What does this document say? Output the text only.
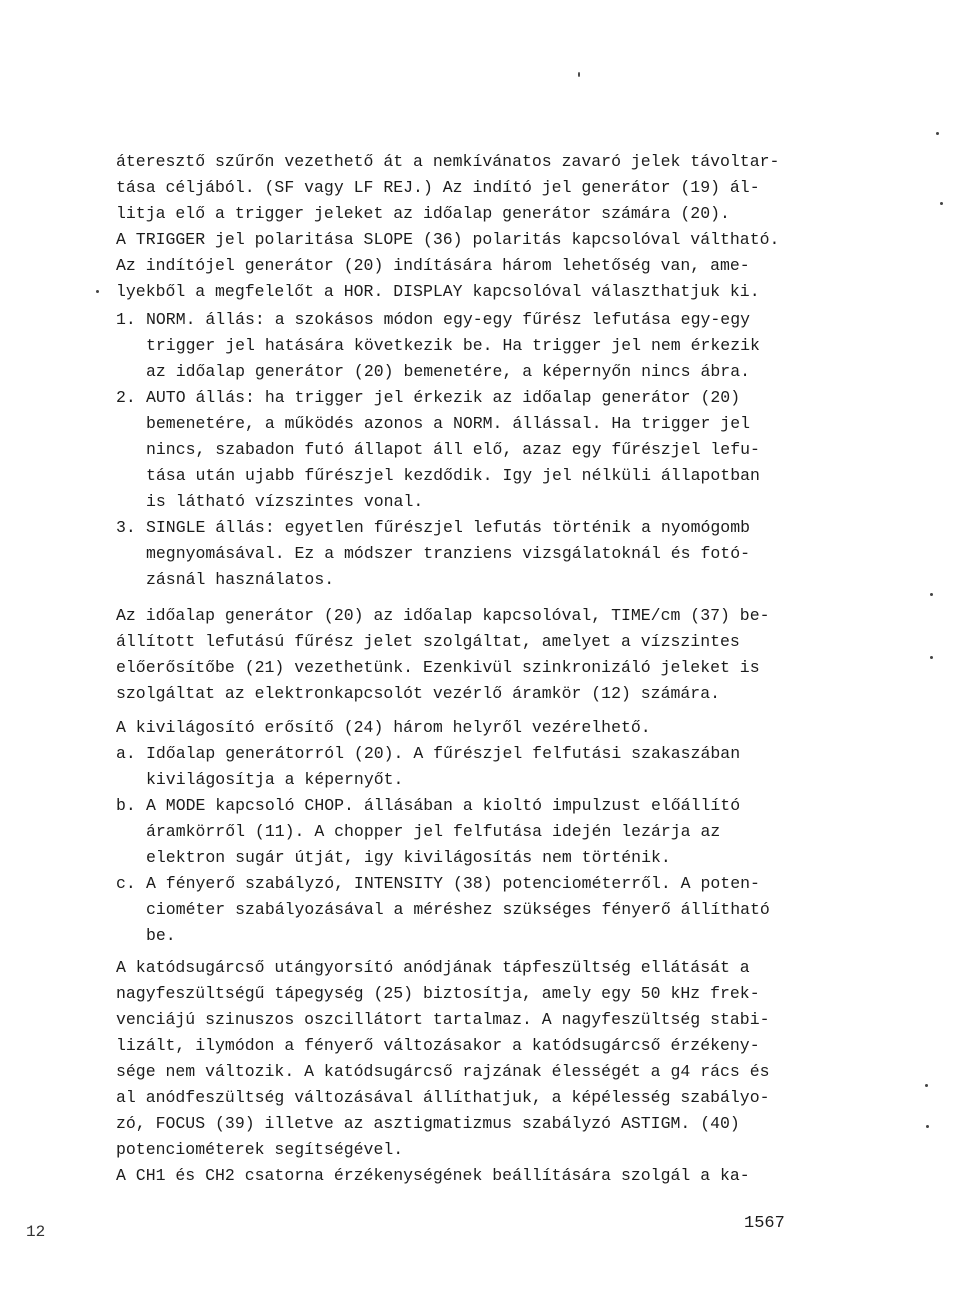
áteresztő szűrőn vezethető át a nemkívánatos zavaró jelek távoltar-
tása céljából. (SF vagy LF REJ.) Az indító jel generátor (19) ál-
litja elő a trigger jeleket az időalap generátor számára (20).
A TRIGGER jel polaritása SLOPE (36) polaritás kapcsolóval váltható.
Az indítójel generátor (20) indítására három lehetőség van, ame-
lyekből a megfelelőt a HOR. DISPLAY kapcsolóval választhatjuk ki.
1. NORM. állás: a szokásos módon egy-egy fűrész lefutása egy-egy
trigger jel hatására következik be. Ha trigger jel nem érkezik
az időalap generátor (20) bemenetére, a képernyőn nincs ábra.
2. AUTO állás: ha trigger jel érkezik az időalap generátor (20)
bemenetére, a működés azonos a NORM. állással. Ha trigger jel
nincs, szabadon futó állapot áll elő, azaz egy fűrészjel lefu-
tása után ujabb fűrészjel kezdődik. Igy jel nélküli állapotban
is látható vízszintes vonal.
3. SINGLE állás: egyetlen fűrészjel lefutás történik a nyomógomb
megnyomásával. Ez a módszer tranziens vizsgálatoknál és fotó-
zásnál használatos.
Az időalap generátor (20) az időalap kapcsolóval, TIME/cm (37) be-
állított lefutású fűrész jelet szolgáltat, amelyet a vízszintes
előerősítőbe (21) vezethetünk. Ezenkivül szinkronizáló jeleket is
szolgáltat az elektronkapcsolót vezérlő áramkör (12) számára.
A kivilágosító erősítő (24) három helyről vezérelhető.
a. Időalap generátorról (20). A fűrészjel felfutási szakaszában
kivilágosítja a képernyőt.
b. A MODE kapcsoló CHOP. állásában a kioltó impulzust előállító
áramkörről (11). A chopper jel felfutása idején lezárja az
elektron sugár útját, igy kivilágosítás nem történik.
c. A fényerő szabályzó, INTENSITY (38) potenciométerről. A poten-
ciométer szabályozásával a méréshez szükséges fényerő állítható
be.
A katódsugárcső utángyorsító anódjának tápfeszültség ellátását a
nagyfeszültségű tápegység (25) biztosítja, amely egy 50 kHz frek-
venciájú szinuszos oszcillátort tartalmaz. A nagyfeszültség stabi-
lizált, ilymódon a fényerő változásakor a katódsugárcső érzékeny-
sége nem változik. A katódsugárcső rajzának élességét a g4 rács és
al anódfeszültség változásával állíthatjuk, a képélesség szabályo-
zó, FOCUS (39) illetve az asztigmatizmus szabályzó ASTIGM. (40)
potenciométerek segítségével.
A CH1 és CH2 csatorna érzékenységének beállítására szolgál a ka-
12	1567
